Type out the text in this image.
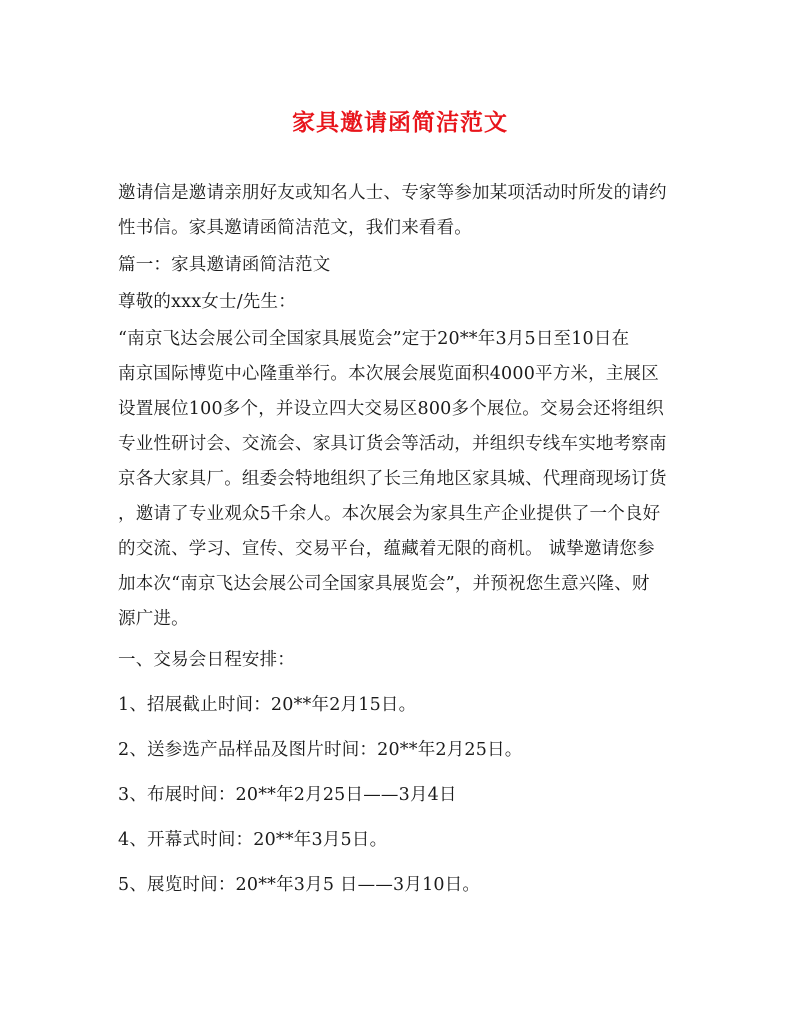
家具邀请函简洁范文

邀请信是邀请亲朋好友或知名人士、专家等参加某项活动时所发的请约
性书信。家具邀请函简洁范文，我们来看看。

篇一：家具邀请函简洁范文

尊敬的xxx女士/先生：

“南京飞达会展公司全国家具展览会”定于20**年3月5日至10日在
南京国际博览中心隆重举行。本次展会展览面积4000平方米，主展区
设置展位100多个，并设立四大交易区800多个展位。交易会还将组织
专业性研讨会、交流会、家具订货会等活动，并组织专线车实地考察南
京各大家具厂。组委会特地组织了长三角地区家具城、代理商现场订货
，邀请了专业观众5千余人。本次展会为家具生产企业提供了一个良好
的交流、学习、宣传、交易平台，蕴藏着无限的商机。 诚挚邀请您参
加本次“南京飞达会展公司全国家具展览会”，并预祝您生意兴隆、财
源广进。

一、交易会日程安排：

1、招展截止时间：20**年2月15日。

2、送参选产品样品及图片时间：20**年2月25日。

3、布展时间：20**年2月25日——3月4日

4、开幕式时间：20**年3月5日。

5、展览时间：20**年3月5 日——3月10日。
